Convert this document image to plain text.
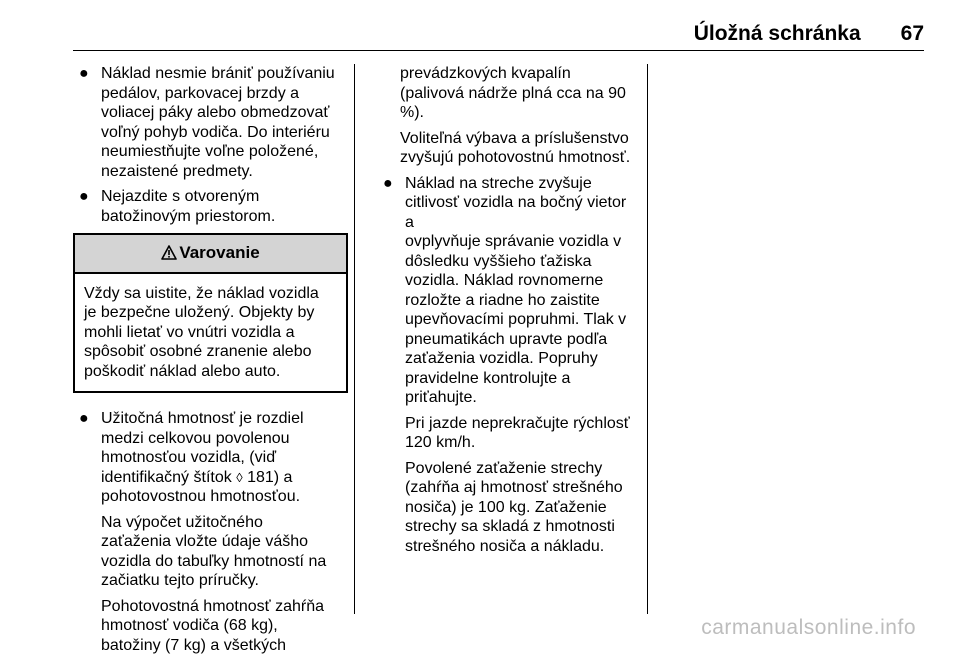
Úložná schránka 67
● Náklad nesmie brániť používaniu
pedálov, parkovacej brzdy a
voliacej páky alebo obmedzovať
voľný pohyb vodiča. Do interiéru
neumiestňujte voľne položené,
nezaistené predmety.

● Nejazdite s otvoreným
batožinovým priestorom.

Varovanie
Vždy sa uistite, že náklad vozidla
je bezpečne uložený. Objekty by
mohli lietať vo vnútri vozidla a
spôsobiť osobné zranenie alebo
poškodiť náklad alebo auto.
● Užitočná hmotnosť je rozdiel
medzi celkovou povolenou
hmotnosťou vozidla, (viď
identifikačný štítok ◊ 181) a
pohotovostnou hmotnosťou.

Na výpočet užitočného
zaťaženia vložte údaje vášho
vozidla do tabuľky hmotností na
začiatku tejto príručky.

Pohotovostná hmotnosť zahŕňa
hmotnosť vodiča (68 kg),
batožiny (7 kg) a všetkých

prevádzkových kvapalín
(palivová nádrže plná cca na 90
%).

Voliteľná výbava a príslušenstvo
zvyšujú pohotovostnú hmotnosť.

● Náklad na streche zvyšuje
citlivosť vozidla na bočný vietor a
ovplyvňuje správanie vozidla v
dôsledku vyššieho ťažiska
vozidla. Náklad rovnomerne
rozložte a riadne ho zaistite
upevňovacími popruhmi. Tlak v
pneumatikách upravte podľa
zaťaženia vozidla. Popruhy
pravidelne kontrolujte a
priťahujte.

Pri jazde neprekračujte rýchlosť
120 km/h.

Povolené zaťaženie strechy
(zahŕňa aj hmotnosť strešného
nosiča) je 100 kg. Zaťaženie
strechy sa skladá z hmotnosti
strešného nosiča a nákladu.

carmanualsonline.info
